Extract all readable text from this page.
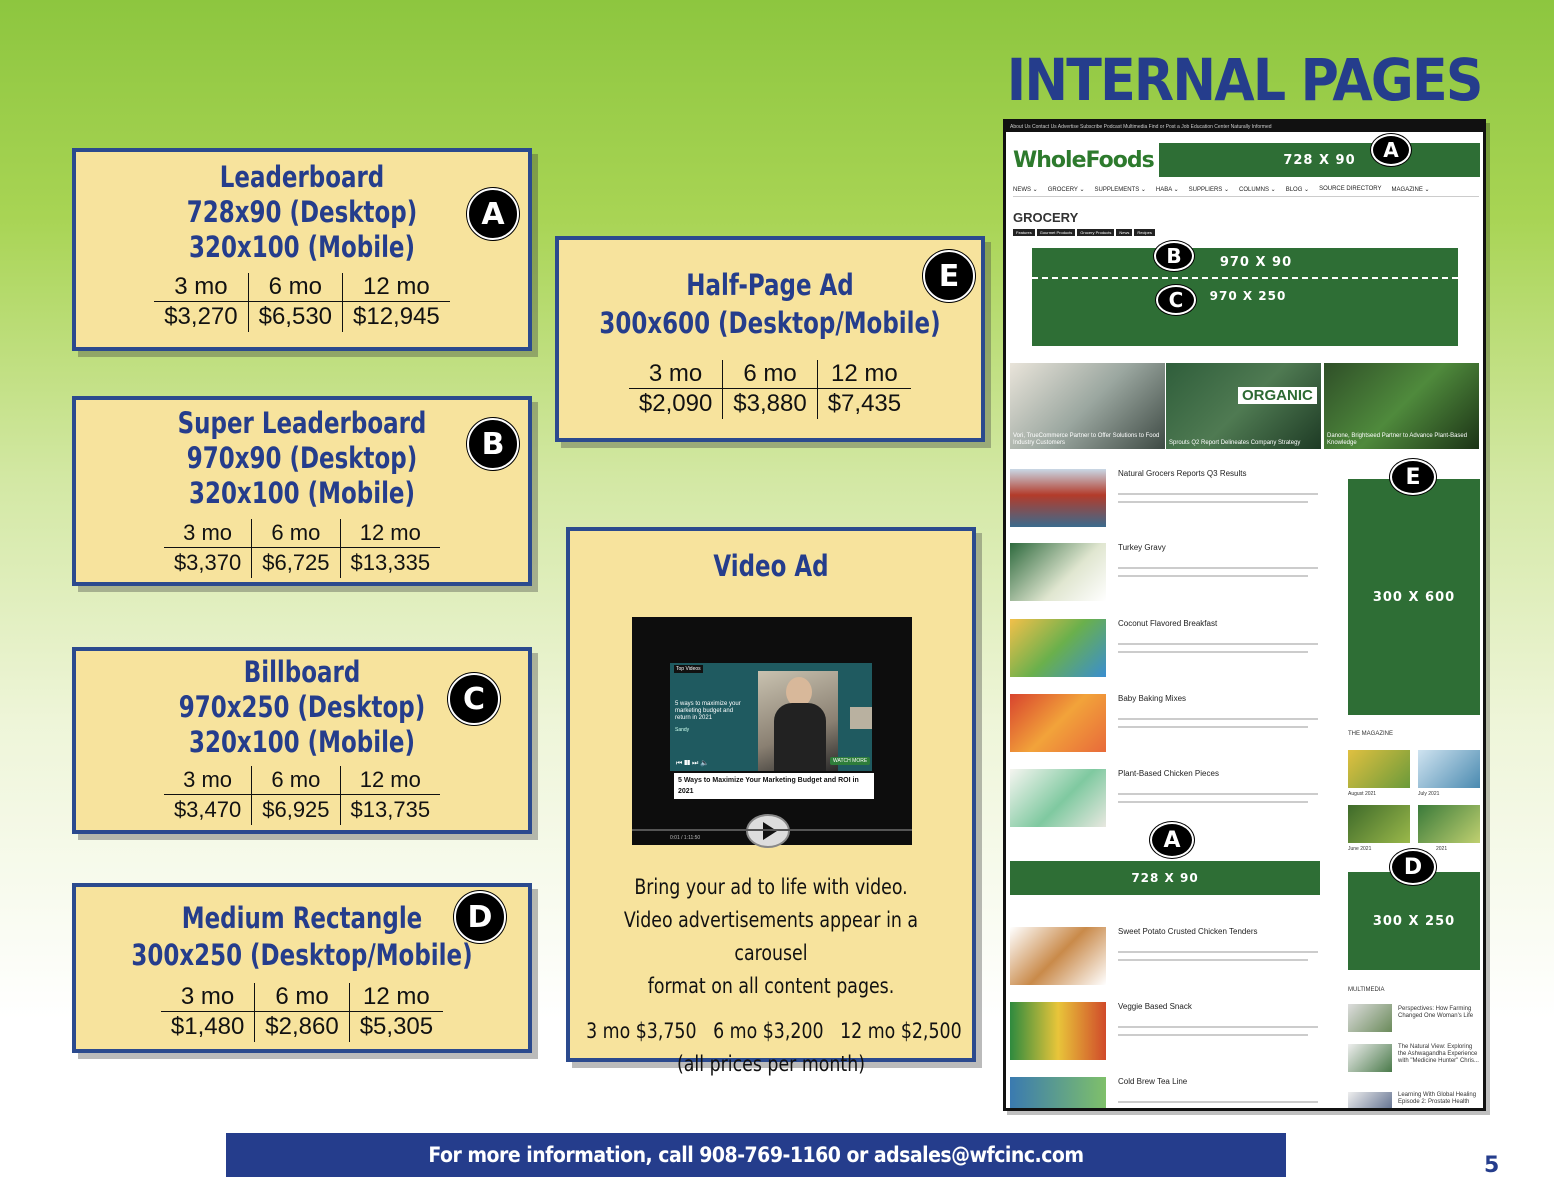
INTERNAL PAGES
Leaderboard
728x90 (Desktop)
320x100 (Mobile)
A
3 mo	6 mo	12 mo
$3,270	$6,530	$12,945
Super Leaderboard
970x90 (Desktop)
320x100 (Mobile)
B
3 mo	6 mo	12 mo
$3,370	$6,725	$13,335
Billboard
970x250 (Desktop)
320x100 (Mobile)
C
3 mo	6 mo	12 mo
$3,470	$6,925	$13,735
Medium Rectangle
300x250 (Desktop/Mobile)
D
3 mo	6 mo	12 mo
$1,480	$2,860	$5,305
Half-Page Ad
300x600 (Desktop/Mobile)
E
3 mo	6 mo	12 mo
$2,090	$3,880	$7,435
Video Ad
Top Videos
5 ways to maximize your marketing budget and return in 2021
Sandy
WATCH MORE
⏮ ❚❚ ⏭ 🔈
5 Ways to Maximize Your Marketing Budget and ROI in 2021
0:01 / 1:11:50
Bring your ad to life with video.
Video advertisements appear in a carousel
format on all content pages.
3 mo $3,750   6 mo $3,200   12 mo $2,500
(all prices per month)
About Us Contact Us Advertise Subscribe Podcast Multimedia Find or Post a Job Education Center Naturally Informed
WholeFoods	728 X 90	A
NEWS ⌄ GROCERY ⌄ SUPPLEMENTS ⌄ HABA ⌄ SUPPLIERS ⌄ COLUMNS ⌄ BLOG ⌄ SOURCE DIRECTORY MAGAZINE ⌄
GROCERY
Features	Gourmet Products	Grocery Products	News	Recipes
970 X 90
970 X 250
B
C
Vori, TrueCommerce Partner to Offer Solutions to Food Industry Customers	Sprouts Q2 Report Delineates Company Strategy
ORGANIC
Danone, Brightseed Partner to Advance Plant-Based Knowledge
Natural Grocers Reports Q3 Results
Turkey Gravy
Coconut Flavored Breakfast
Baby Baking Mixes
Plant-Based Chicken Pieces
728 X 90
A
Sweet Potato Crusted Chicken Tenders
Veggie Based Snack
Cold Brew Tea Line
300 X 600
E
THE MAGAZINE
August 2021	July 2021
June 2021	2021
300 X 250
D
MULTIMEDIA
Perspectives: How Farming Changed One Woman's Life
The Natural View: Exploring the Ashwagandha Experience with "Medicine Hunter" Chris...
Learning With Global Healing Episode 2: Prostate Health
For more information, call 908-769-1160 or adsales@wfcinc.com	5
